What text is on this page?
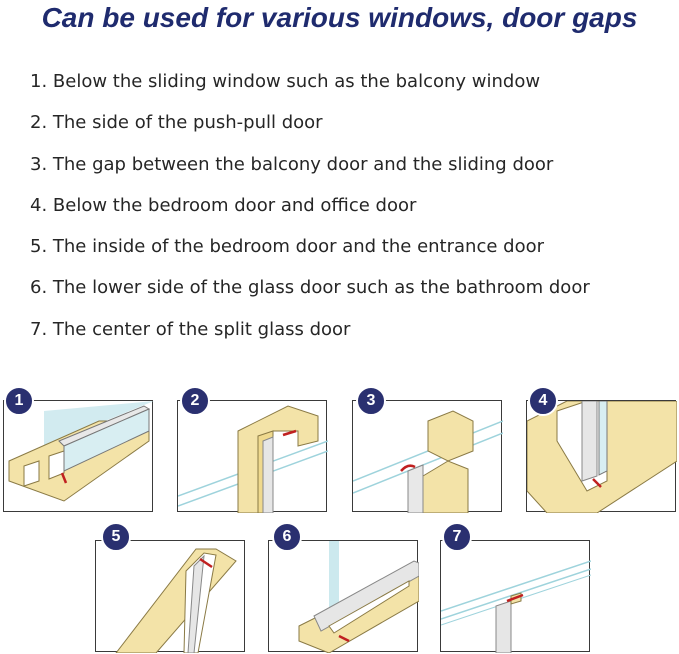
Can be used for various windows, door gaps
1. Below the sliding window such as the balcony window
2. The side of the push-pull door
3. The gap between the balcony door and the sliding door
4. Below the bedroom door and office door
5. The inside of the bedroom door and the entrance door
6. The lower side of the glass door such as the bathroom door
7. The center of the split glass door
1	2	3	4
5	6	7
